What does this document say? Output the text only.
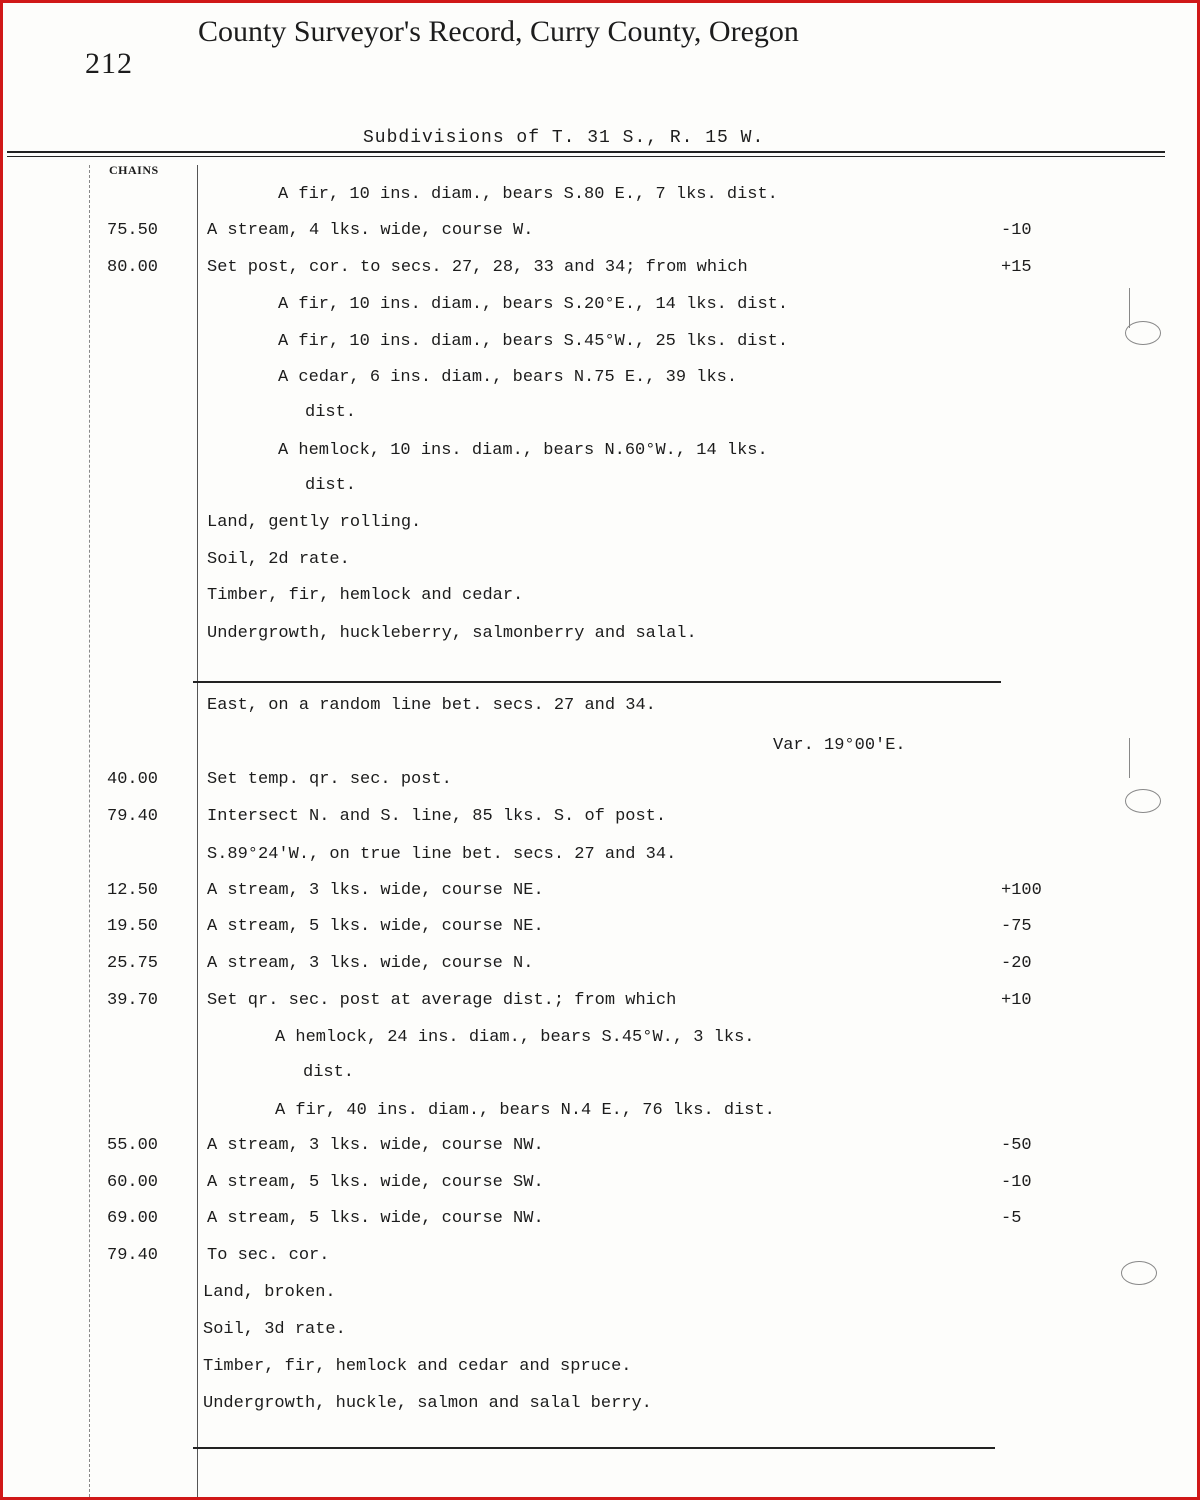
212
County Surveyor's Record, Curry County, Oregon
Subdivisions of T. 31 S., R. 15 W.
CHAINS
A fir, 10 ins. diam., bears S.80 E., 7 lks. dist.
75.50	A stream, 4 lks. wide, course W.	-10
80.00	Set post, cor. to secs. 27, 28, 33 and 34; from which	+15
A fir, 10 ins. diam., bears S.20°E., 14 lks. dist.
A fir, 10 ins. diam., bears S.45°W., 25 lks. dist.
A cedar, 6 ins. diam., bears N.75 E., 39 lks.
dist.
A hemlock, 10 ins. diam., bears N.60°W., 14 lks.
dist.
Land, gently rolling.
Soil, 2d rate.
Timber, fir, hemlock and cedar.
Undergrowth, huckleberry, salmonberry and salal.
East, on a random line bet. secs. 27 and 34.
Var. 19°00'E.
40.00	Set temp. qr. sec. post.
79.40	Intersect N. and S. line, 85 lks. S. of post.
S.89°24'W., on true line bet. secs. 27 and 34.
12.50	A stream, 3 lks. wide, course NE.	+100
19.50	A stream, 5 lks. wide, course NE.	-75
25.75	A stream, 3 lks. wide, course N.	-20
39.70	Set qr. sec. post at average dist.; from which	+10
A hemlock, 24 ins. diam., bears S.45°W., 3 lks.
dist.
A fir, 40 ins. diam., bears N.4 E., 76 lks. dist.
55.00	A stream, 3 lks. wide, course NW.	-50
60.00	A stream, 5 lks. wide, course SW.	-10
69.00	A stream, 5 lks. wide, course NW.	-5
79.40	To sec. cor.
Land, broken.
Soil, 3d rate.
Timber, fir, hemlock and cedar and spruce.
Undergrowth, huckle, salmon and salal berry.
